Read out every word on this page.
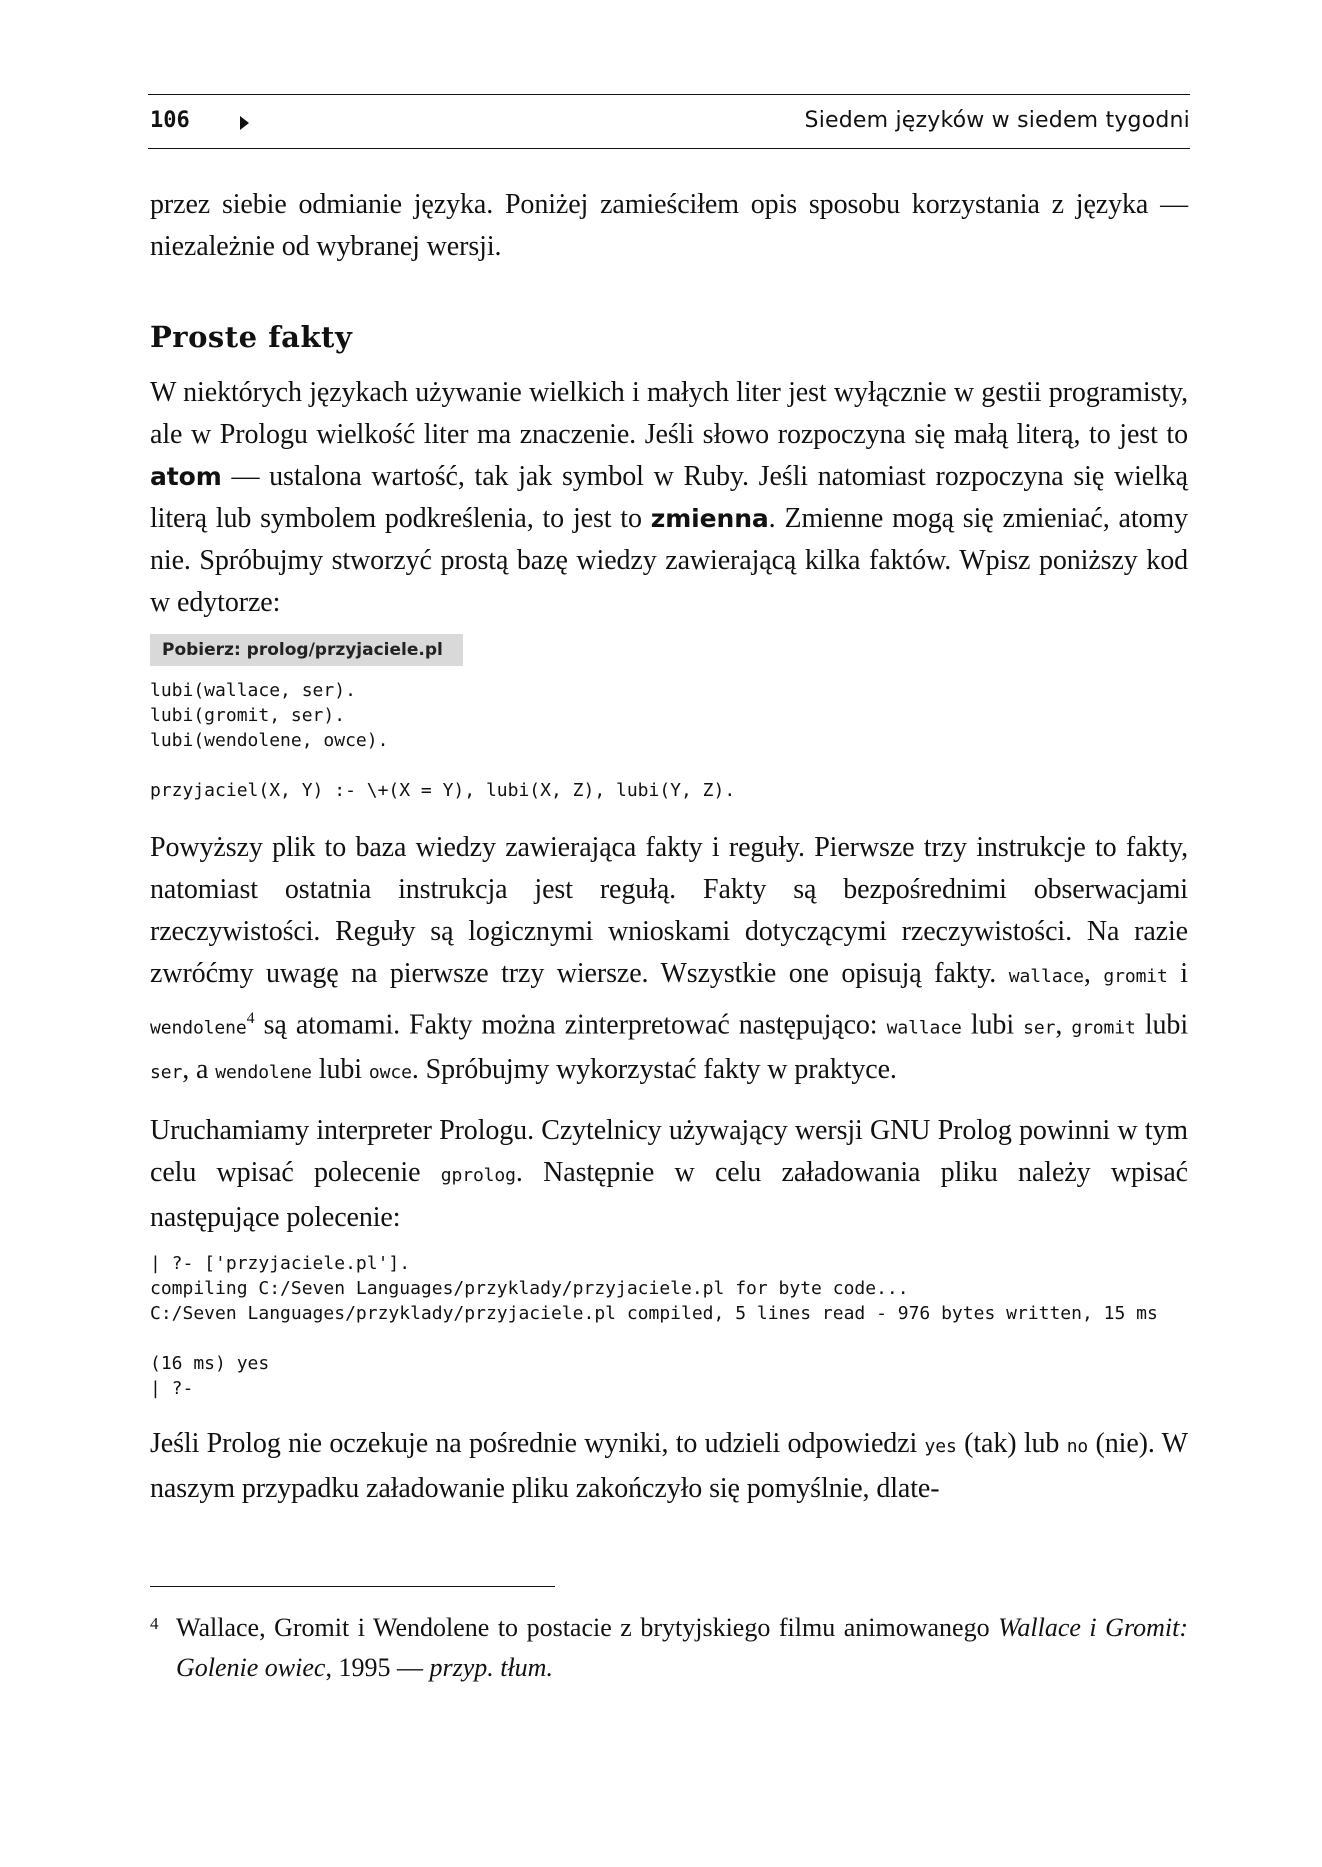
106	Siedem języków w siedem tygodni

przez siebie odmianie języka. Poniżej zamieściłem opis sposobu korzystania z języka — niezależnie od wybranej wersji.

Proste fakty

W niektórych językach używanie wielkich i małych liter jest wyłącznie w gestii programisty, ale w Prologu wielkość liter ma znaczenie. Jeśli słowo rozpoczyna się małą literą, to jest to atom — ustalona wartość, tak jak symbol w Ruby. Jeśli natomiast rozpoczyna się wielką literą lub symbolem podkreślenia, to jest to zmienna. Zmienne mogą się zmieniać, atomy nie. Spróbujmy stworzyć prostą bazę wiedzy zawierającą kilka faktów. Wpisz poniższy kod w edytorze:

Pobierz: prolog/przyjaciele.pl
lubi(wallace, ser).
lubi(gromit, ser).
lubi(wendolene, owce).

przyjaciel(X, Y) :- \+(X = Y), lubi(X, Z), lubi(Y, Z).

Powyższy plik to baza wiedzy zawierająca fakty i reguły. Pierwsze trzy instrukcje to fakty, natomiast ostatnia instrukcja jest regułą. Fakty są bezpośrednimi obserwacjami rzeczywistości. Reguły są logicznymi wnioskami dotyczącymi rzeczywistości. Na razie zwróćmy uwagę na pierwsze trzy wiersze. Wszystkie one opisują fakty. wallace, gromit i wendolene$^4$ są atomami. Fakty można zinterpretować następująco: wallace lubi ser, gromit lubi ser, a wendolene lubi owce. Spróbujmy wykorzystać fakty w praktyce.

Uruchamiamy interpreter Prologu. Czytelnicy używający wersji GNU Prolog powinni w tym celu wpisać polecenie gprolog. Następnie w celu załadowania pliku należy wpisać następujące polecenie:

| ?- ['przyjaciele.pl'].
compiling C:/Seven Languages/przyklady/przyjaciele.pl for byte code...
C:/Seven Languages/przyklady/przyjaciele.pl compiled, 5 lines read - 976 bytes written, 15 ms

(16 ms) yes
| ?-

Jeśli Prolog nie oczekuje na pośrednie wyniki, to udzieli odpowiedzi yes (tak) lub no (nie). W naszym przypadku załadowanie pliku zakończyło się pomyślnie, dlate-

4 Wallace, Gromit i Wendolene to postacie z brytyjskiego filmu animowanego Wallace i Gromit: Golenie owiec, 1995 — przyp. tłum.
